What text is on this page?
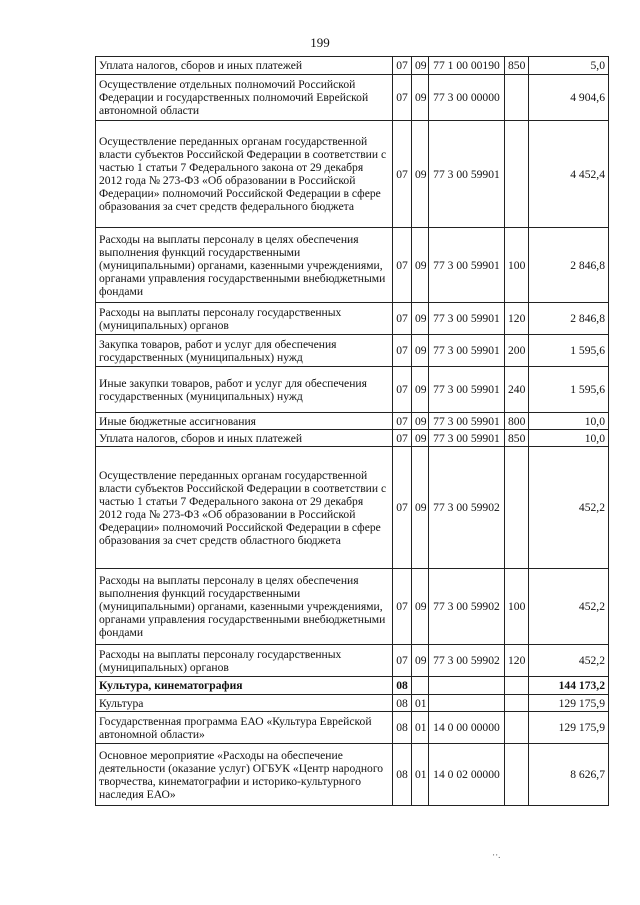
199
Уплата налогов, сборов и иных платежей	07	09	77 1 00 00190	850	5,0
Осуществление отдельных полномочий Российской Федерации и государственных полномочий Еврейской автономной области	07	09	77 3 00 00000		4 904,6
Осуществление переданных органам государственной власти субъектов Российской Федерации в соответствии с частью 1 статьи 7 Федерального закона от 29 декабря 2012 года № 273-ФЗ «Об образовании в Российской Федерации» полномочий Российской Федерации в сфере образования за счет средств федерального бюджета	07	09	77 3 00 59901		4 452,4
Расходы на выплаты персоналу в целях обеспечения выполнения функций государственными (муниципальными) органами, казенными учреждениями, органами управления государственными внебюджетными фондами	07	09	77 3 00 59901	100	2 846,8
Расходы на выплаты персоналу государственных (муниципальных) органов	07	09	77 3 00 59901	120	2 846,8
Закупка товаров, работ и услуг для обеспечения государственных (муниципальных) нужд	07	09	77 3 00 59901	200	1 595,6
Иные закупки товаров, работ и услуг для обеспечения государственных (муниципальных) нужд	07	09	77 3 00 59901	240	1 595,6
Иные бюджетные ассигнования	07	09	77 3 00 59901	800	10,0
Уплата налогов, сборов и иных платежей	07	09	77 3 00 59901	850	10,0
Осуществление переданных органам государственной власти субъектов Российской Федерации в соответствии с частью 1 статьи 7 Федерального закона от 29 декабря 2012 года № 273-ФЗ «Об образовании в Российской Федерации» полномочий Российской Федерации в сфере образования за счет средств областного бюджета	07	09	77 3 00 59902		452,2
Расходы на выплаты персоналу в целях обеспечения выполнения функций государственными (муниципальными) органами, казенными учреждениями, органами управления государственными внебюджетными фондами	07	09	77 3 00 59902	100	452,2
Расходы на выплаты персоналу государственных (муниципальных) органов	07	09	77 3 00 59902	120	452,2
Культура, кинематография	08				144 173,2
Культура	08	01			129 175,9
Государственная программа ЕАО «Культура Еврейской автономной области»	08	01	14 0 00 00000		129 175,9
Основное мероприятие «Расходы на обеспечение деятельности (оказание услуг) ОГБУК «Центр народного творчества, кинематографии и историко-культурного наследия ЕАО»	08	01	14 0 02 00000		8 626,7
⋅⋅.
